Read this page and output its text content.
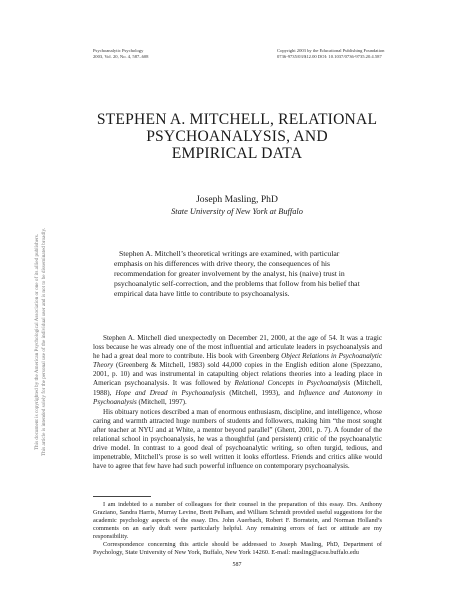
Psychoanalytic Psychology
2003, Vol. 20, No. 4, 587–608
Copyright 2003 by the Educational Publishing Foundation
0736-9735/03/$12.00 DOI: 10.1037/0736-9735.20.4.587
This document is copyrighted by the American Psychological Association or one of its allied publishers. This article is intended solely for the personal use of the individual user and is not to be disseminated broadly.
STEPHEN A. MITCHELL, RELATIONAL
PSYCHOANALYSIS, AND
EMPIRICAL DATA
Joseph Masling, PhD
State University of New York at Buffalo

Stephen A. Mitchell’s theoretical writings are examined, with particular emphasis on his differences with drive theory, the consequences of his recommendation for greater involvement by the analyst, his (naive) trust in psychoanalytic self-correction, and the problems that follow from his belief that empirical data have little to contribute to psychoanalysis.

Stephen A. Mitchell died unexpectedly on December 21, 2000, at the age of 54. It was a tragic loss because he was already one of the most influential and articulate leaders in psychoanalysis and he had a great deal more to contribute. His book with Greenberg Object Relations in Psychoanalytic Theory (Greenberg & Mitchell, 1983) sold 44,000 copies in the English edition alone (Spezzano, 2001, p. 10) and was instrumental in catapulting object relations theories into a leading place in American psychoanalysis. It was followed by Relational Concepts in Psychoanalysis (Mitchell, 1988), Hope and Dread in Psychoanalysis (Mitchell, 1993), and Influence and Autonomy in Psychoanalysis (Mitchell, 1997).

His obituary notices described a man of enormous enthusiasm, discipline, and intelligence, whose caring and warmth attracted huge numbers of students and followers, making him “the most sought after teacher at NYU and at White, a mentor beyond parallel” (Ghent, 2001, p. 7). A founder of the relational school in psychoanalysis, he was a thoughtful (and persistent) critic of the psychoanalytic drive model. In contrast to a good deal of psychoanalytic writing, so often turgid, tedious, and impenetrable, Mitchell’s prose is so well written it looks effortless. Friends and critics alike would have to agree that few have had such powerful influence on contemporary psychoanalysis.

I am indebted to a number of colleagues for their counsel in the preparation of this essay. Drs. Anthony Graziano, Sandra Harris, Murray Levine, Brett Pelham, and William Schmidt provided useful suggestions for the academic psychology aspects of the essay. Drs. John Auerbach, Robert F. Bornstein, and Norman Holland’s comments on an early draft were particularly helpful. Any remaining errors of fact or attitude are my responsibility.

Correspondence concerning this article should be addressed to Joseph Masling, PhD, Department of Psychology, State University of New York, Buffalo, New York 14260. E-mail: masling@acsu.buffalo.edu

587
